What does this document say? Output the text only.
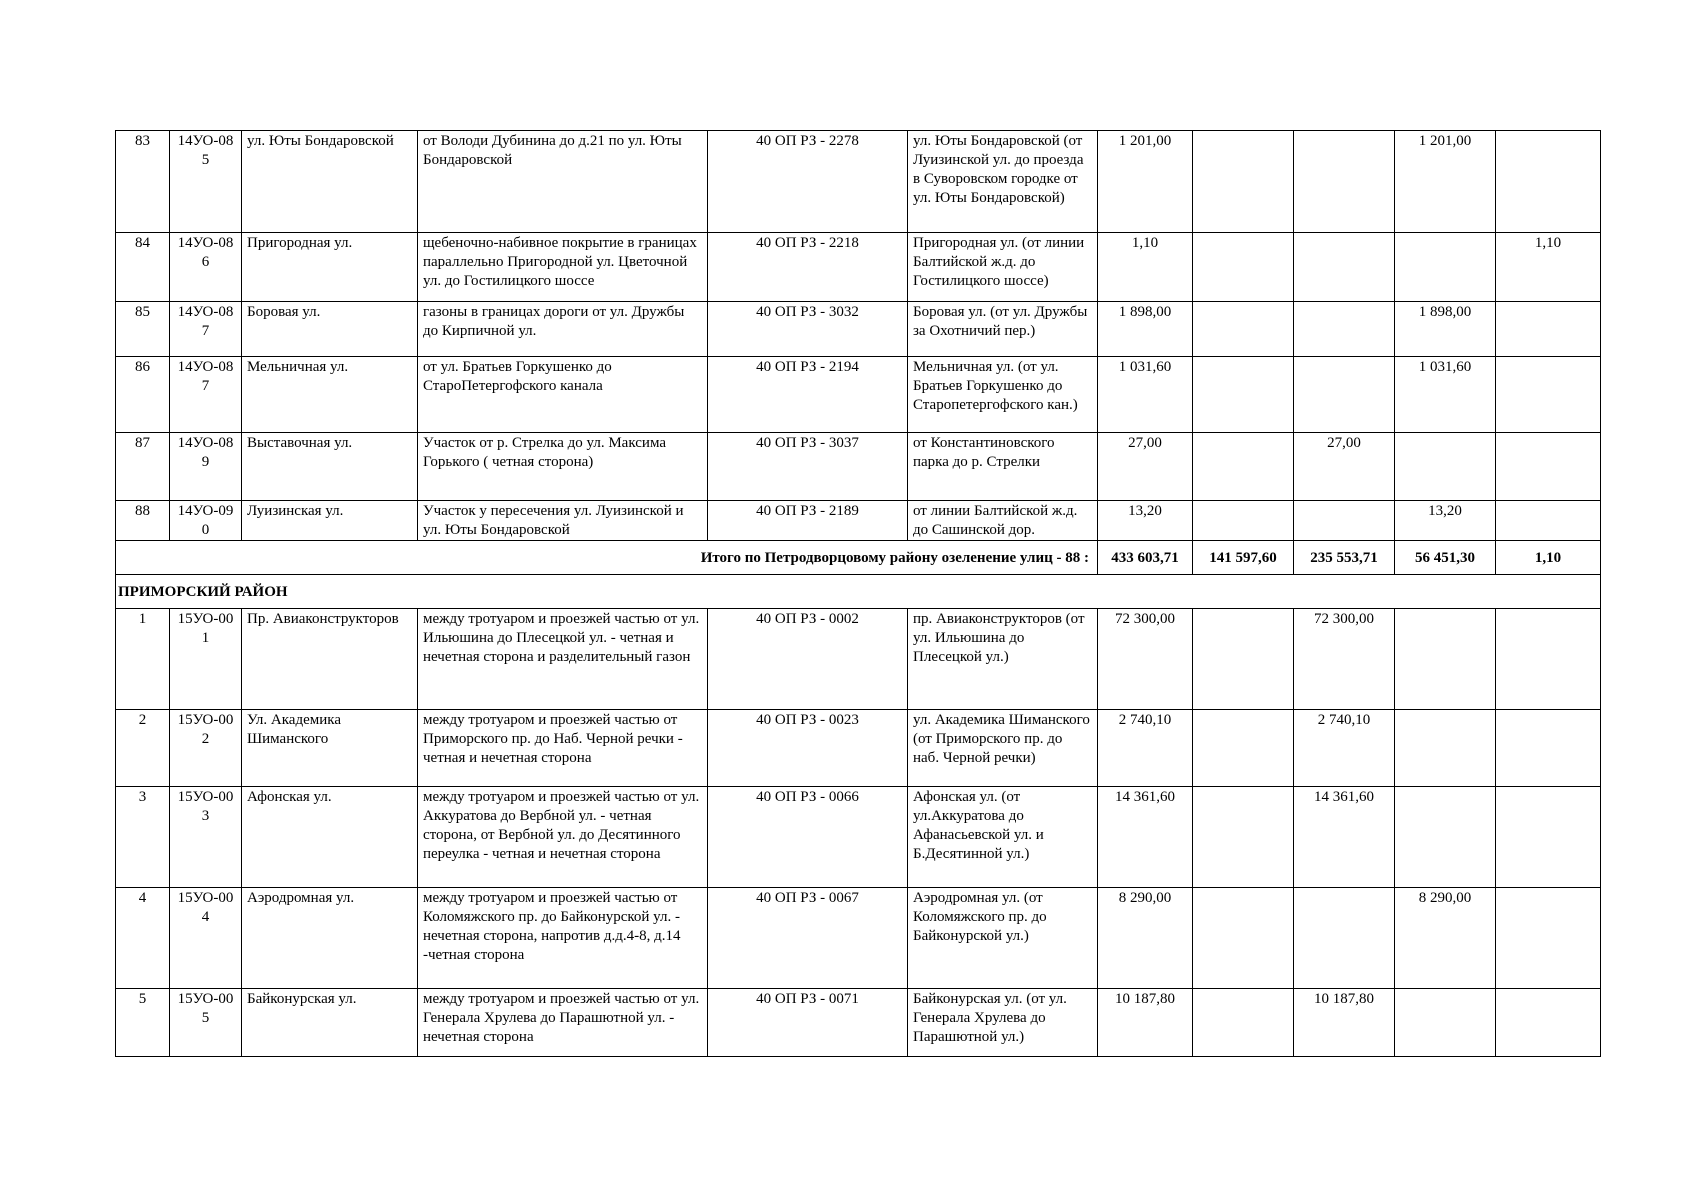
83	14УО-085	ул. Юты Бондаровской	от Володи Дубинина до д.21 по ул. Юты Бондаровской	40 ОП РЗ - 2278	ул. Юты Бондаровской (от Луизинской ул. до проезда в Суворовском городке от ул. Юты Бондаровской)	1 201,00			1 201,00	
84	14УО-086	Пригородная ул.	щебеночно-набивное покрытие в границах параллельно Пригородной ул. Цветочной ул. до Гостилицкого шоссе	40 ОП РЗ - 2218	Пригородная ул. (от линии Балтийской ж.д. до Гостилицкого шоссе)	1,10				1,10
85	14УО-087	Боровая ул.	газоны в границах дороги от ул. Дружбы до Кирпичной ул.	40 ОП РЗ - 3032	Боровая ул. (от ул. Дружбы за Охотничий пер.)	1 898,00			1 898,00	
86	14УО-087	Мельничная ул.	от ул. Братьев Горкушенко до СтароПетергофского канала	40 ОП РЗ - 2194	Мельничная ул. (от ул. Братьев Горкушенко до Старопетергофского кан.)	1 031,60			1 031,60	
87	14УО-089	Выставочная ул.	Участок от р. Стрелка до ул. Максима Горького ( четная сторона)	40 ОП РЗ - 3037	от Константиновского парка до р. Стрелки	27,00		27,00		
88	14УО-090	Луизинская ул.	Участок у пересечения ул. Луизинской и ул. Юты Бондаровской	40 ОП РЗ - 2189	от линии Балтийской ж.д. до Сашинской дор.	13,20			13,20	
Итого по Петродворцовому району озеленение улиц - 88 :						433 603,71	141 597,60	235 553,71	56 451,30	1,10
ПРИМОРСКИЙ РАЙОН										
1	15УО-001	Пр. Авиаконструкторов	между тротуаром и проезжей частью от ул. Ильюшина до Плесецкой ул. - четная и нечетная сторона и разделительный газон	40 ОП РЗ - 0002	пр. Авиаконструкторов (от ул. Ильюшина до Плесецкой ул.)	72 300,00		72 300,00		
2	15УО-002	Ул. Академика Шиманского	между тротуаром и проезжей частью от Приморского пр. до Наб. Черной речки - четная и нечетная сторона	40 ОП РЗ - 0023	ул. Академика Шиманского (от Приморского пр. до наб. Черной речки)	2 740,10		2 740,10		
3	15УО-003	Афонская ул.	между тротуаром и проезжей частью от ул. Аккуратова до Вербной ул. - четная сторона, от Вербной ул. до Десятинного переулка - четная и нечетная сторона	40 ОП РЗ - 0066	Афонская ул. (от ул.Аккуратова до Афанасьевской ул. и Б.Десятинной ул.)	14 361,60		14 361,60		
4	15УО-004	Аэродромная ул.	между тротуаром и проезжей частью от Коломяжского пр. до Байконурской ул. - нечетная сторона, напротив д.д.4-8, д.14 -четная сторона	40 ОП РЗ - 0067	Аэродромная ул. (от Коломяжского пр. до Байконурской ул.)	8 290,00			8 290,00	
5	15УО-005	Байконурская ул.	между тротуаром и проезжей частью от ул. Генерала Хрулева до Парашютной ул. - нечетная сторона	40 ОП РЗ - 0071	Байконурская ул. (от ул. Генерала Хрулева до Парашютной ул.)	10 187,80		10 187,80		
